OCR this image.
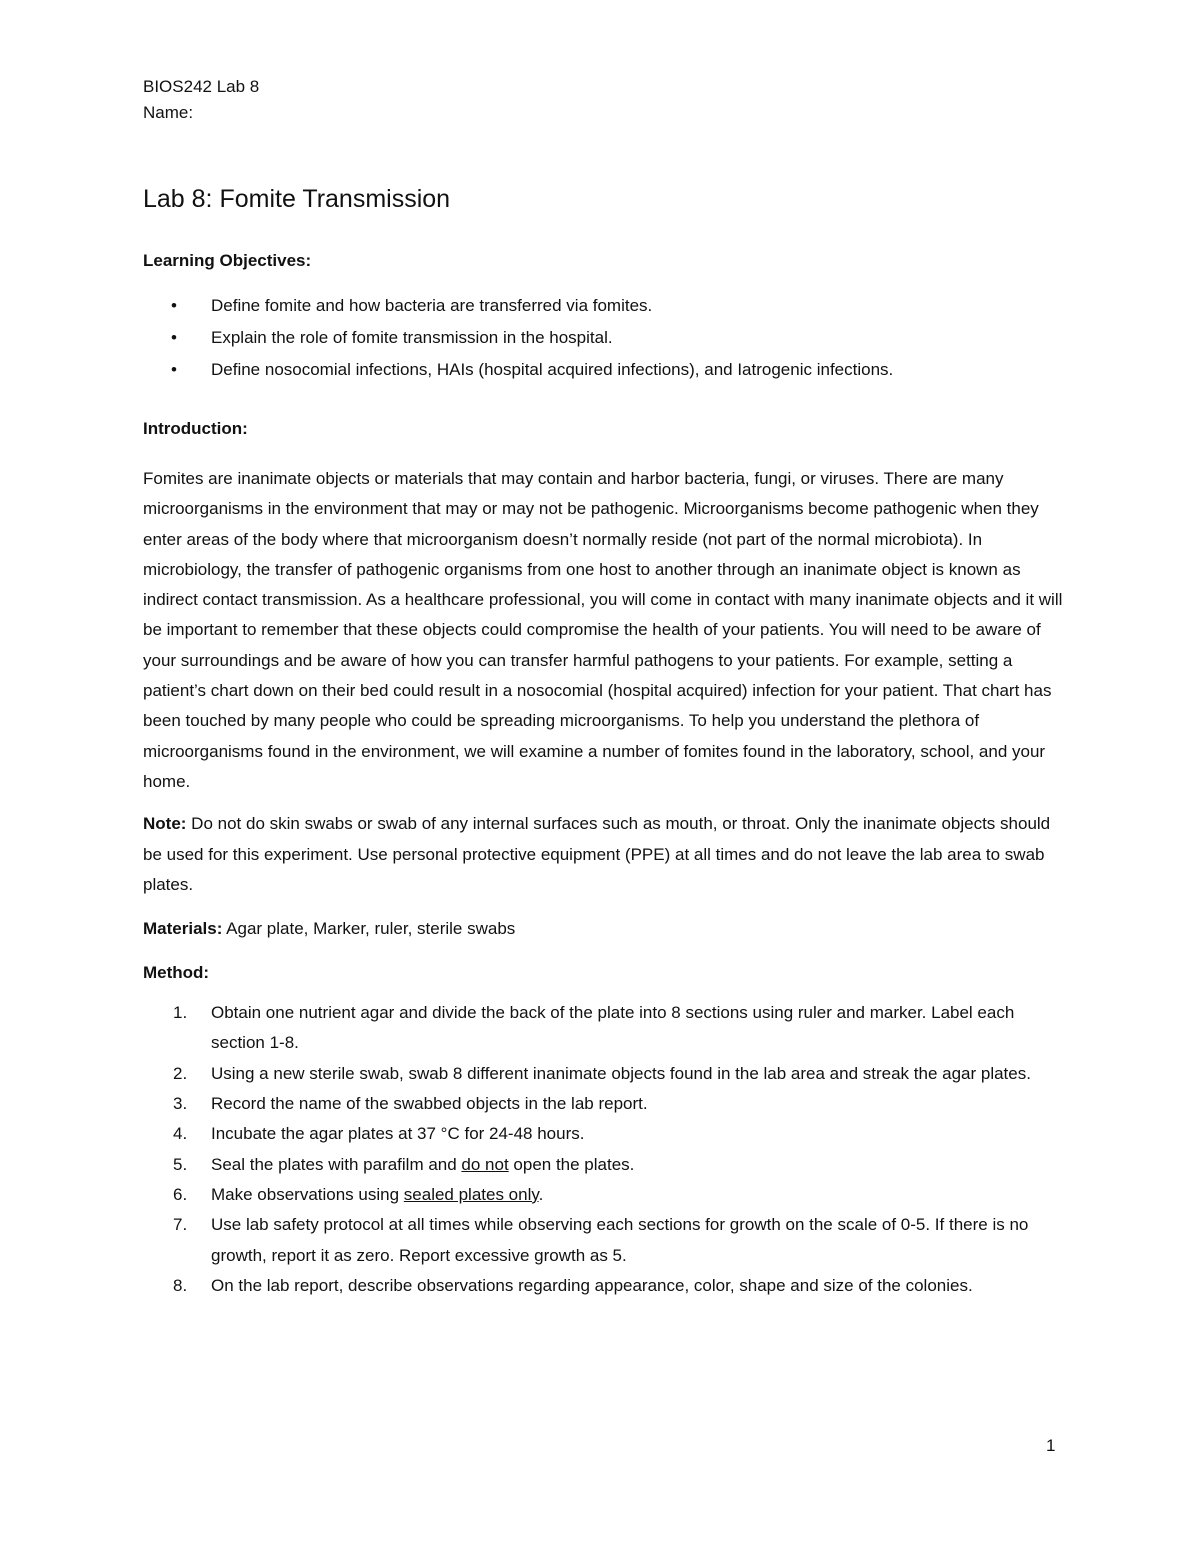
BIOS242 Lab 8
Name:
Lab 8: Fomite Transmission
Learning Objectives:
• Define fomite and how bacteria are transferred via fomites.
• Explain the role of fomite transmission in the hospital.
• Define nosocomial infections, HAIs (hospital acquired infections), and Iatrogenic infections.
Introduction:

Fomites are inanimate objects or materials that may contain and harbor bacteria, fungi, or viruses. There are many microorganisms in the environment that may or may not be pathogenic. Microorganisms become pathogenic when they enter areas of the body where that microorganism doesn’t normally reside (not part of the normal microbiota). In microbiology, the transfer of pathogenic organisms from one host to another through an inanimate object is known as indirect contact transmission. As a healthcare professional, you will come in contact with many inanimate objects and it will be important to remember that these objects could compromise the health of your patients. You will need to be aware of your surroundings and be aware of how you can transfer harmful pathogens to your patients. For example, setting a patient’s chart down on their bed could result in a nosocomial (hospital acquired) infection for your patient. That chart has been touched by many people who could be spreading microorganisms. To help you understand the plethora of microorganisms found in the environment, we will examine a number of fomites found in the laboratory, school, and your home.

Note: Do not do skin swabs or swab of any internal surfaces such as mouth, or throat. Only the inanimate objects should be used for this experiment. Use personal protective equipment (PPE) at all times and do not leave the lab area to swab plates.

Materials: Agar plate, Marker, ruler, sterile swabs
Method:
1. Obtain one nutrient agar and divide the back of the plate into 8 sections using ruler and marker. Label each section 1-8.
2. Using a new sterile swab, swab 8 different inanimate objects found in the lab area and streak the agar plates.
3. Record the name of the swabbed objects in the lab report.
4. Incubate the agar plates at 37 °C for 24-48 hours.
5. Seal the plates with parafilm and do not open the plates.
6. Make observations using sealed plates only.
7. Use lab safety protocol at all times while observing each sections for growth on the scale of 0-5. If there is no growth, report it as zero. Report excessive growth as 5.
8. On the lab report, describe observations regarding appearance, color, shape and size of the colonies.
1
